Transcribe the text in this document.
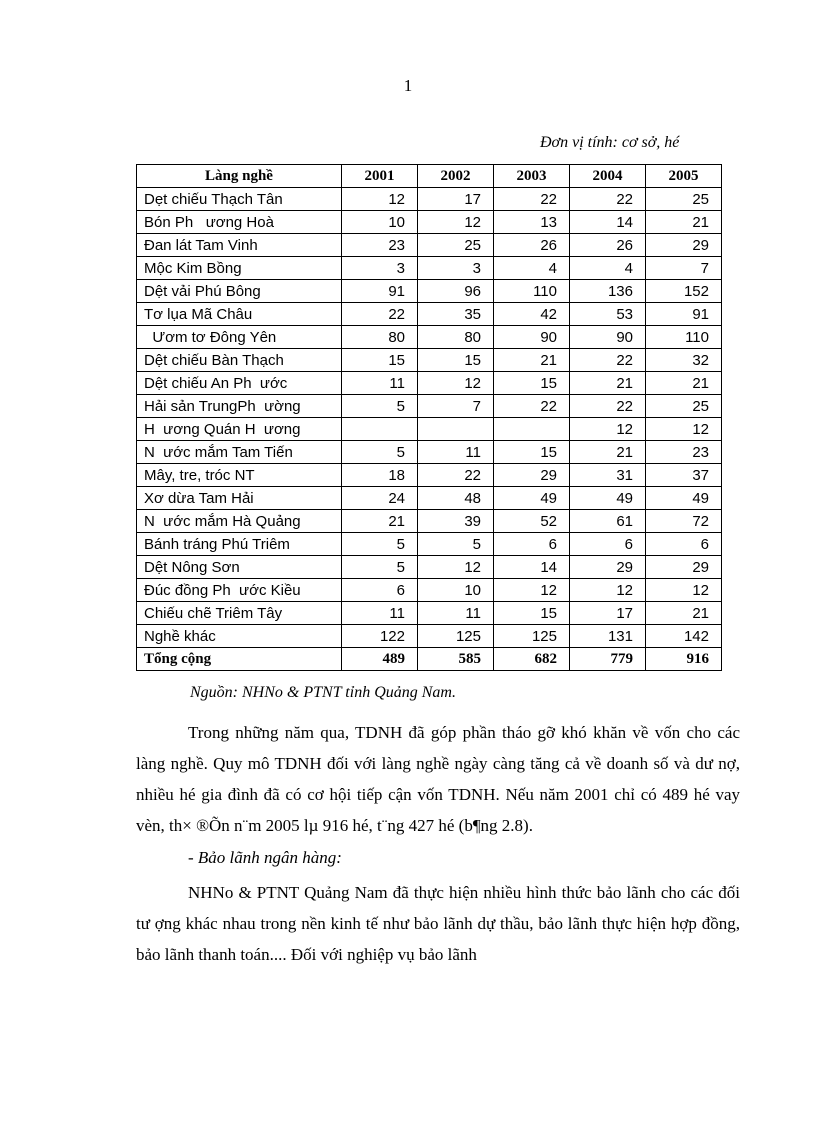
1
Đơn vị tính: cơ sở, hé
Làng nghề	2001	2002	2003	2004	2005
Dẹt chiếu Thạch Tân	12	17	22	22	25
Bón Ph   ương Hoà	10	12	13	14	21
Đan lát Tam Vinh	23	25	26	26	29
Mộc Kim Bồng	3	3	4	4	7
Dệt vải Phú Bông	91	96	110	136	152
Tơ lụa Mã Châu	22	35	42	53	91
Ươm tơ Đông Yên	80	80	90	90	110
Dệt chiếu Bàn Thạch	15	15	21	22	32
Dệt chiếu An Ph  ước	11	12	15	21	21
Hải sản TrungPh  ường	5	7	22	22	25
H  ương Quán H  ương				12	12
N  ước mắm Tam Tiến	5	11	15	21	23
Mây, tre, tróc NT	18	22	29	31	37
Xơ dừa Tam Hải	24	48	49	49	49
N  ước mắm Hà Quảng	21	39	52	61	72
Bánh tráng Phú Triêm	5	5	6	6	6
Dệt Nông Sơn	5	12	14	29	29
Đúc đồng Ph  ước Kiều	6	10	12	12	12
Chiếu chẽ Triêm Tây	11	11	15	17	21
Nghề khác	122	125	125	131	142
Tổng cộng	489	585	682	779	916
Nguồn: NHNo & PTNT tỉnh Quảng Nam.
Trong những năm qua, TDNH đã góp phần tháo gỡ khó khăn về vốn cho các làng nghề. Quy mô TDNH đối với làng nghề ngày càng tăng cả về doanh số và dư nợ, nhiều hé gia đình đã có cơ hội tiếp cận vốn TDNH. Nếu năm 2001 chỉ có 489 hé vay vèn, th× ®Õn n¨m 2005 lµ 916 hé, t¨ng 427 hé (b¶ng 2.8).
- Bảo lãnh ngân hàng:
NHNo & PTNT Quảng Nam đã thực hiện nhiều hình thức bảo lãnh cho các đối tư ợng khác nhau trong nền kinh tế như bảo lãnh dự thầu, bảo lãnh thực hiện hợp đồng, bảo lãnh thanh toán.... Đối với nghiệp vụ bảo lãnh
